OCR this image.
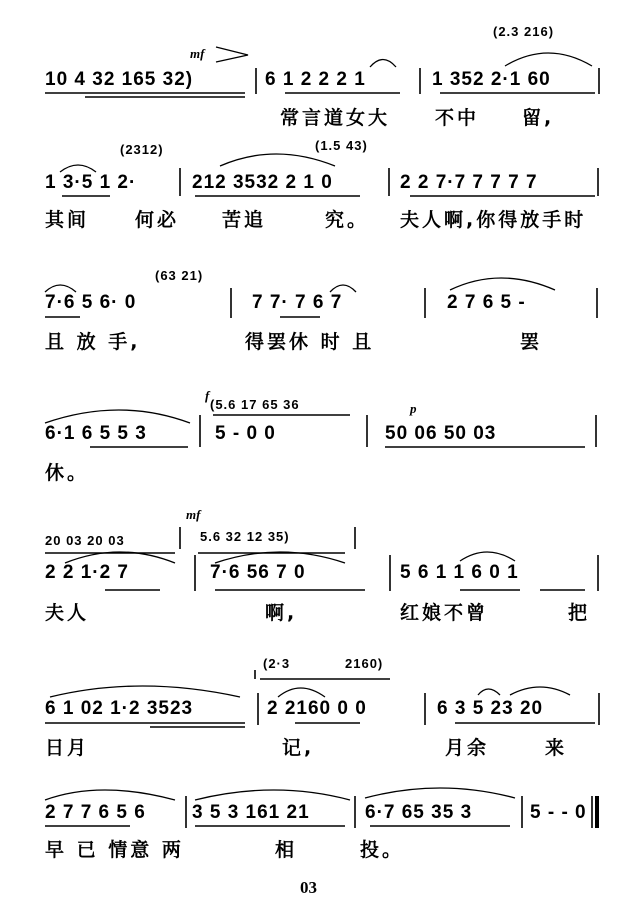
(2.3 216)
mf
10 4 32 165 32)	6 1 2 2 2 1	1 352 2·1 60
常言道女大 不中 留,
(2312)	(1.5 43)
1 3·5 1 2·	212 3532 2 1 0	2 2 7·7 7 7 7 7
其间 何必 苦追	究。 夫人啊,你得放手时
(63 21)
7·6 5 6· 0	7 7· 7 6 7	2 7 6 5 -
且 放 手,	得罢休 时 且	罢
f
(5.6 17 65 36	p
6·1 6 5 5 3	5 - 0 0	50 06 50 03
休。
mf
20 03 20 03	5.6 32 12 35)
2 2 1·2 7	7·6 56 7 0	5 6 1 1 6 0 1
夫人	啊,	红娘不曾	把
(2·3	2160)
6 1 02 1·2 3523	2 2160 0 0	6 3 5 23 20
日月	记,	月余	来
2 7 7 6 5 6 3 5 3 161 21	6·7 65 35 3	5 - - 0
早 已 情意 两	相	投。
03
